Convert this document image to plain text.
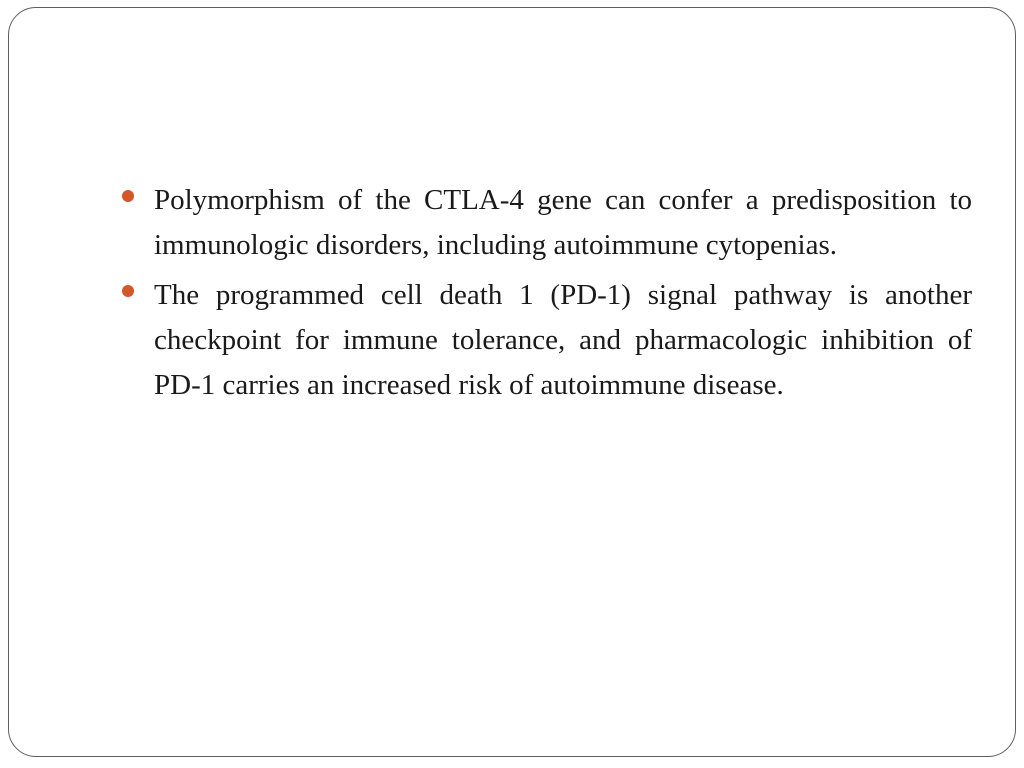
Polymorphism of the CTLA-4 gene can confer a predisposition to immunologic disorders, including autoimmune cytopenias.
The programmed cell death 1 (PD-1) signal pathway is another checkpoint for immune tolerance, and pharmacologic inhibition of PD-1 carries an increased risk of autoimmune disease.
